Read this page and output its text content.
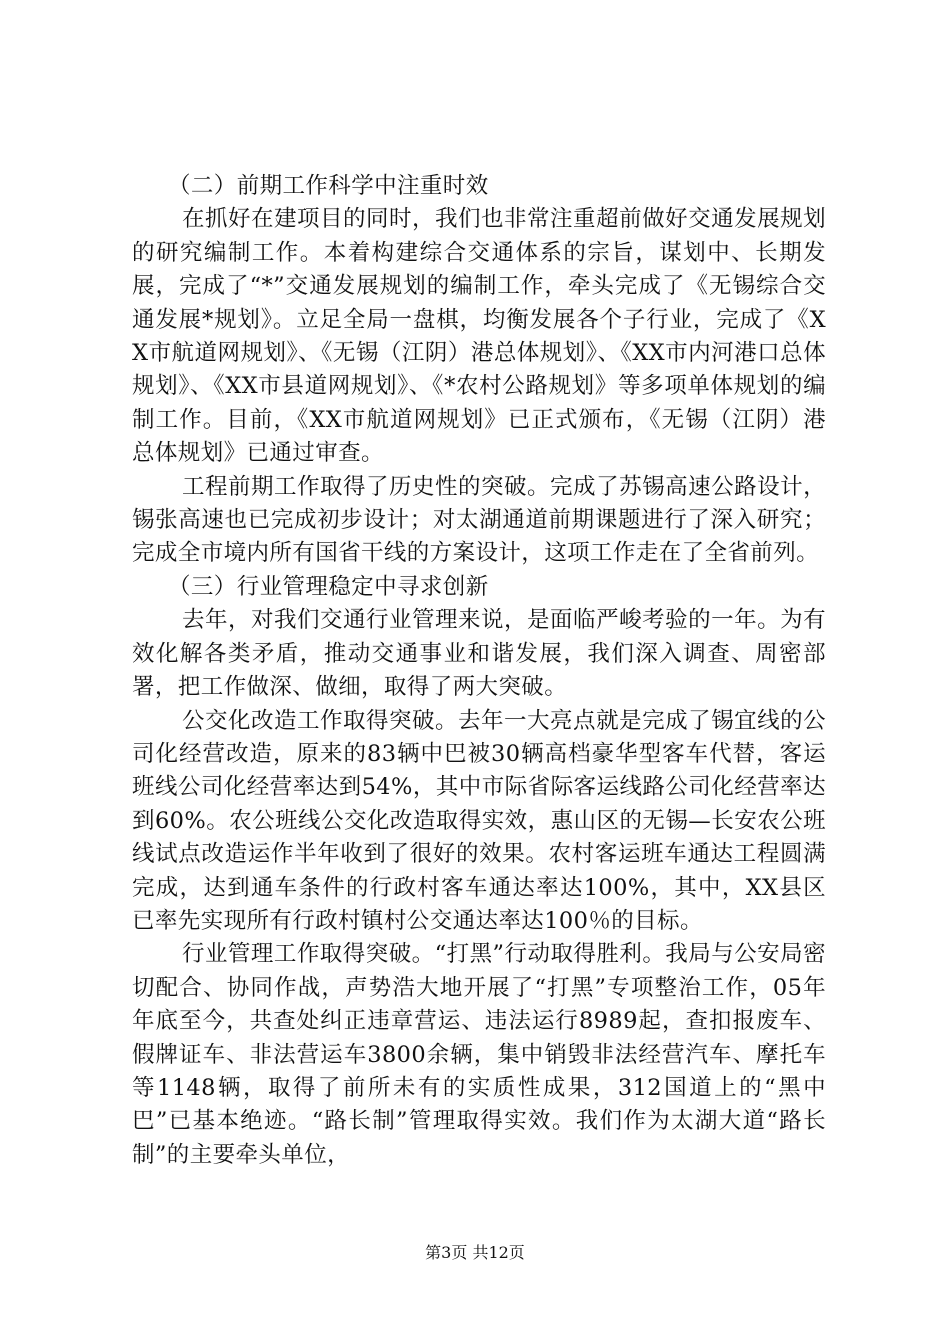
（二）前期工作科学中注重时效

在抓好在建项目的同时，我们也非常注重超前做好交通发展规划的研究编制工作。本着构建综合交通体系的宗旨，谋划中、长期发展，完成了“*”交通发展规划的编制工作，牵头完成了《无锡综合交通发展*规划》。立足全局一盘棋，均衡发展各个子行业，完成了《XX市航道网规划》、《无锡（江阴）港总体规划》、《XX市内河港口总体规划》、《XX市县道网规划》、《*农村公路规划》等多项单体规划的编制工作。目前，《XX市航道网规划》已正式颁布，《无锡（江阴）港总体规划》已通过审查。

工程前期工作取得了历史性的突破。完成了苏锡高速公路设计，锡张高速也已完成初步设计；对太湖通道前期课题进行了深入研究；完成全市境内所有国省干线的方案设计，这项工作走在了全省前列。

（三）行业管理稳定中寻求创新

去年，对我们交通行业管理来说，是面临严峻考验的一年。为有效化解各类矛盾，推动交通事业和谐发展，我们深入调查、周密部署，把工作做深、做细，取得了两大突破。

公交化改造工作取得突破。去年一大亮点就是完成了锡宜线的公司化经营改造，原来的83辆中巴被30辆高档豪华型客车代替，客运班线公司化经营率达到54%，其中市际省际客运线路公司化经营率达到60%。农公班线公交化改造取得实效，惠山区的无锡—长安农公班线试点改造运作半年收到了很好的效果。农村客运班车通达工程圆满完成，达到通车条件的行政村客车通达率达100%，其中，XX县区已率先实现所有行政村镇村公交通达率达100％的目标。

行业管理工作取得突破。“打黑”行动取得胜利。我局与公安局密切配合、协同作战，声势浩大地开展了“打黑”专项整治工作，05年年底至今，共查处纠正违章营运、违法运行8989起，查扣报废车、假牌证车、非法营运车3800余辆，集中销毁非法经营汽车、摩托车等1148辆，取得了前所未有的实质性成果，312国道上的“黑中巴”已基本绝迹。“路长制”管理取得实效。我们作为太湖大道“路长制”的主要牵头单位，

第3页 共12页
